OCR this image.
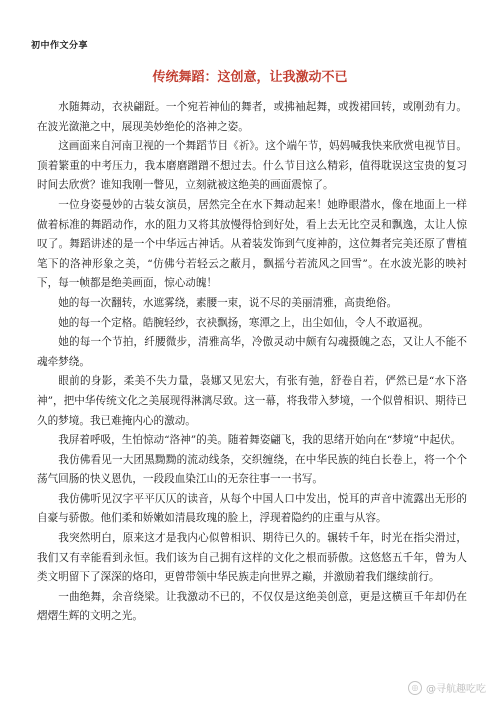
初中作文分享
传统舞蹈：这创意，让我激动不已

水随舞动，衣袂翩跹。一个宛若神仙的舞者，或拂袖起舞，或拨裙回转，或刚劲有力。在波光潋滟之中，展现美妙绝伦的洛神之姿。

这画面来自河南卫视的一个舞蹈节目《祈》。这个端午节，妈妈喊我快来欣赏电视节目。顶着繁重的中考压力，我本磨磨蹭蹭不想过去。什么节目这么精彩，值得耽误这宝贵的复习时间去欣赏？谁知我刚一瞥见，立刻就被这绝美的画面震惊了。

一位身姿曼妙的古装女演员，居然完全在水下舞动起来！她睁眼潜水，像在地面上一样做着标准的舞蹈动作，水的阻力又将其放慢得恰到好处，看上去无比空灵和飘逸，太让人惊叹了。舞蹈讲述的是一个中华远古神话。从着装发饰到气度神韵，这位舞者完美还原了曹植笔下的洛神形象之美，“仿佛兮若轻云之蔽月，飘摇兮若流风之回雪”。在水波光影的映衬下，每一帧都是绝美画面，惊心动魄！

她的每一次翻转，水遮雾绕，素腰一束，说不尽的美丽清雅，高贵绝俗。

她的每一个定格。皓腕轻纱，衣袂飘扬，寒潭之上，出尘如仙，令人不敢逼视。

她的每一个节拍，纤腰微步，清雅高华，冷傲灵动中颇有勾魂摄魄之态，又让人不能不魂牵梦绕。

眼前的身影，柔美不失力量，袅娜又见宏大，有张有弛，舒卷自若，俨然已是“水下洛神”，把中华传统文化之美展现得淋漓尽致。这一幕，将我带入梦境，一个似曾相识、期待已久的梦境。我已难掩内心的激动。

我屏着呼吸，生怕惊动“洛神”的美。随着舞姿翩飞，我的思绪开始向在“梦境”中起伏。

我仿佛看见一大团黑黝黝的流动线条，交织缠绕，在中华民族的纯白长卷上，将一个个荡气回肠的快义恩仇，一段段血染江山的无奈往事一一书写。

我仿佛听见汉字平平仄仄的读音，从每个中国人口中发出，悦耳的声音中流露出无形的自豪与骄傲。他们柔和娇嫩如清晨玫瑰的脸上，浮现着隐约的庄重与从容。

我突然明白，原来这才是我内心似曾相识、期待已久的。辗转千年，时光在指尖滑过，我们又有幸能看到永恒。我们该为自己拥有这样的文化之根而骄傲。这悠悠五千年，曾为人类文明留下了深深的烙印，更曾带领中华民族走向世界之巅，并激励着我们继续前行。

一曲绝舞，余音绕梁。让我激动不已的，不仅仅是这绝美创意，更是这横亘千年却仍在熠熠生辉的文明之光。

◎ @寻航趣吃吃
